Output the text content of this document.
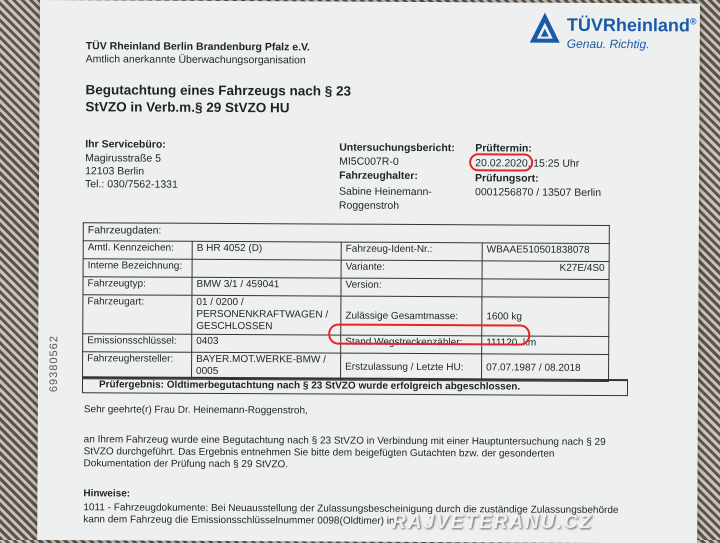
TÜV Rheinland Berlin Brandenburg Pfalz e.V.
Amtlich anerkannte Überwachungsorganisation
TÜVRheinland®
Genau. Richtig.
Begutachtung eines Fahrzeugs nach § 23
StVZO in Verb.m.§ 29 StVZO HU
Ihr Servicebüro:
Magirusstraße 5
12103 Berlin
Tel.: 030/7562-1331
Untersuchungsbericht:
MI5C007R-0
Fahrzeughalter:
Sabine Heinemann-
Roggenstroh
Prüftermin:
20.02.2020, 15:25 Uhr
Prüfungsort:
0001256870 / 13507 Berlin
Fahrzeugdaten:			
Amtl. Kennzeichen:	B HR 4052 (D)	Fahrzeug-Ident-Nr.:	WBAAE510501838078
Interne Bezeichnung:		Variante:	K27E/4S0
Fahrzeugtyp:	BMW 3/1 / 459041	Version:	
Fahrzeugart:	01 / 0200 / PERSONENKRAFTWAGEN / GESCHLOSSEN	Zulässige Gesamtmasse:	1600 kg
Emissionsschlüssel:	0403	Stand Wegstreckenzähler:	111120  km
Fahrzeughersteller:	BAYER.MOT.WERKE-BMW / 0005	Erstzulassung / Letzte HU:	07.07.1987 / 08.2018
Prüfergebnis: Oldtimerbegutachtung nach § 23 StVZO wurde erfolgreich abgeschlossen.
Sehr geehrte(r) Frau Dr. Heinemann-Roggenstroh,
an Ihrem Fahrzeug wurde eine Begutachtung nach § 23 StVZO in Verbindung mit einer Hauptuntersuchung nach § 29
StVZO durchgeführt. Das Ergebnis entnehmen Sie bitte dem beigefügten Gutachten bzw. der gesonderten
Dokumentation der Prüfung nach § 29 StVZO.
Hinweise:
1011 - Fahrzeugdokumente: Bei Neuausstellung der Zulassungsbescheinigung durch die zuständige Zulassungsbehörde
kann dem Fahrzeug die Emissionsschlüsselnummer 0098(Oldtimer) in
69380562
RAJVETERANU.CZ
